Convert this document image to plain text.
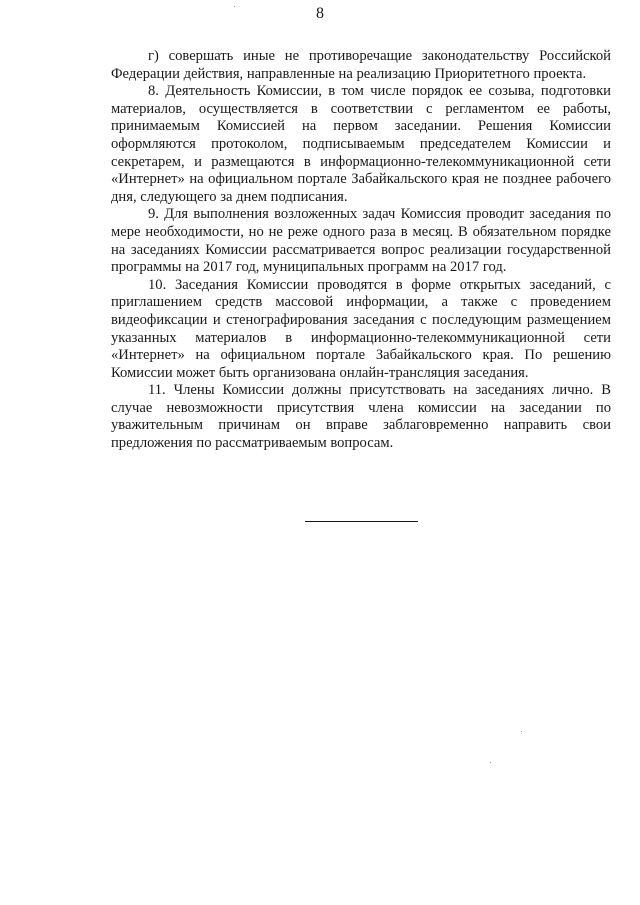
8

г) совершать иные не противоречащие законодательству Российской Федерации действия, направленные на реализацию Приоритетного проекта.

8. Деятельность Комиссии, в том числе порядок ее созыва, подготовки материалов, осуществляется в соответствии с регламентом ее работы, принимаемым Комиссией на первом заседании. Решения Комиссии оформляются протоколом, подписываемым председателем Комиссии и секретарем, и размещаются в информационно-телекоммуникационной сети «Интернет» на официальном портале Забайкальского края не позднее рабочего дня, следующего за днем подписания.

9. Для выполнения возложенных задач Комиссия проводит заседания по мере необходимости, но не реже одного раза в месяц. В обязательном порядке на заседаниях Комиссии рассматривается вопрос реализации государственной программы на 2017 год, муниципальных программ на 2017 год.

10. Заседания Комиссии проводятся в форме открытых заседаний, с приглашением средств массовой информации, а также с проведением видеофиксации и стенографирования заседания с последующим размещением указанных материалов в информационно-телекоммуникационной сети «Интернет» на официальном портале Забайкальского края. По решению Комиссии может быть организована онлайн-трансляция заседания.

11. Члены Комиссии должны присутствовать на заседаниях лично. В случае невозможности присутствия члена комиссии на заседании по уважительным причинам он вправе заблаговременно направить свои предложения по рассматриваемым вопросам.
